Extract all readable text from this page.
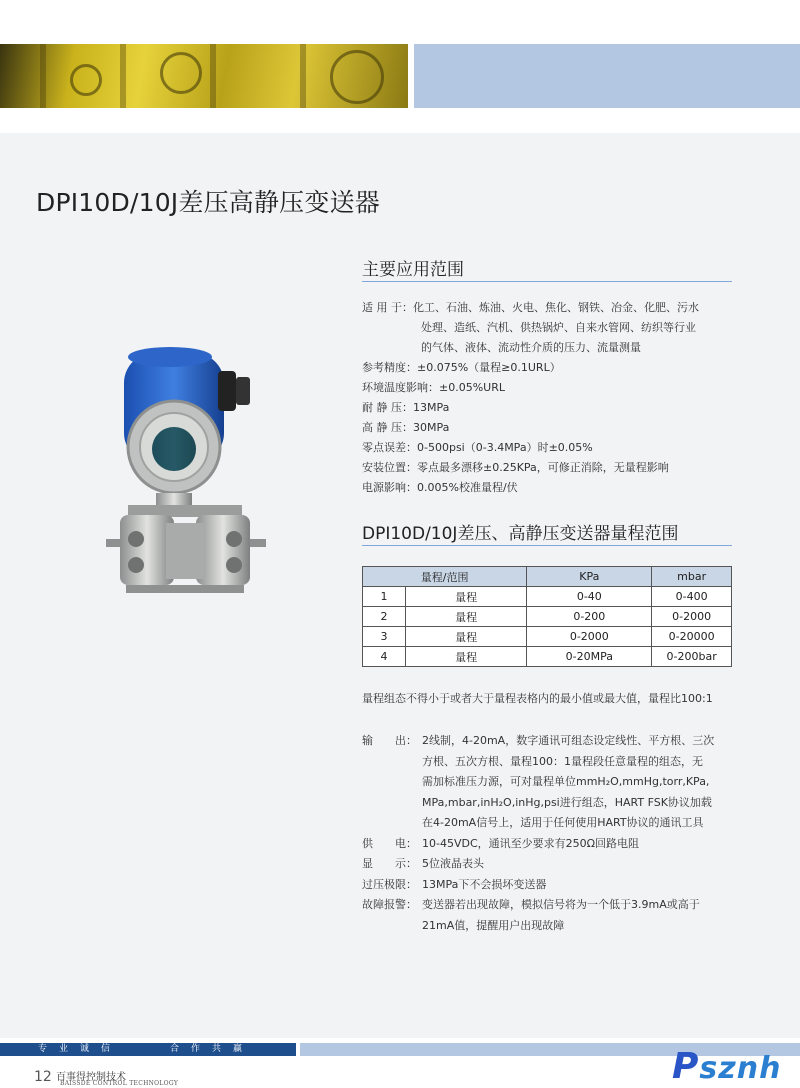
DPI10D/10J差压高静压变送器
主要应用范围
适 用 于： 化工、石油、炼油、火电、焦化、钢铁、冶金、化肥、污水
处理、造纸、汽机、供热锅炉、自来水管网、纺织等行业
的气体、液体、流动性介质的压力、流量测量
参考精度： ±0.075%（量程≥0.1URL）
环境温度影响： ±0.05%URL
耐 静 压： 13MPa
高 静 压： 30MPa
零点误差： 0-500psi（0-3.4MPa）时±0.05%
安装位置： 零点最多漂移±0.25KPa，可修正消除，无量程影响
电源影响： 0.005%校准量程/伏
DPI10D/10J差压、高静压变送器量程范围
量程/范围		KPa	mbar
1	量程	0-40	0-400
2	量程	0-200	0-2000
3	量程	0-2000	0-20000
4	量程	0-20MPa	0-200bar
量程组态不得小于或者大于量程表格内的最小值或最大值，量程比100:1
输　　出： 2线制，4-20mA，数字通讯可组态设定线性、平方根、三次
方根、五次方根、量程100：1量程段任意量程的组态，无
需加标准压力源，可对量程单位mmH₂O,mmHg,torr,KPa,
MPa,mbar,inH₂O,inHg,psi进行组态，HART FSK协议加载
在4-20mA信号上，适用于任何使用HART协议的通讯工具
供　　电： 10-45VDC，通讯至少要求有250Ω回路电阻
显　　示： 5位液晶表头
过压极限： 13MPa下不会损坏变送器
故障报警： 变送器若出现故障，模拟信号将为一个低于3.9mA或高于
21mA值，提醒用户出现故障
专业诚信	合作共赢
12 百事得控制技术
BAISSDE CONTROL TECHNOLOGY	Psznh
